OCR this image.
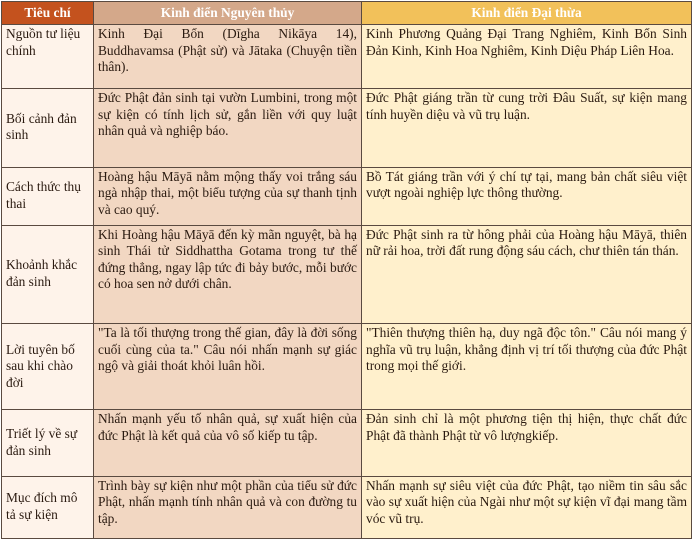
Tiêu chí	Kinh điển Nguyên thủy	Kinh điển Đại thừa
Nguồn tư liệu chính	Kinh Đại Bổn (Dīgha Nikāya 14), Buddhavamsa (Phật sử) và Jātaka (Chuyện tiền thân).	Kinh Phương Quảng Đại Trang Nghiêm, Kinh Bổn Sinh Đản Kinh, Kinh Hoa Nghiêm, Kinh Diệu Pháp Liên Hoa.
Bối cảnh đản sinh	Đức Phật đản sinh tại vườn Lumbini, trong một sự kiện có tính lịch sử, gắn liền với quy luật nhân quả và nghiệp báo.	Đức Phật giáng trần từ cung trời Đâu Suất, sự kiện mang tính huyền diệu và vũ trụ luận.
Cách thức thụ thai	Hoàng hậu Māyā nằm mộng thấy voi trắng sáu ngà nhập thai, một biểu tượng của sự thanh tịnh và cao quý.	Bồ Tát giáng trần với ý chí tự tại, mang bản chất siêu việt vượt ngoài nghiệp lực thông thường.
Khoảnh khắc đản sinh	Khi Hoàng hậu Māyā đến kỳ mãn nguyệt, bà hạ sinh Thái tử Siddhattha Gotama trong tư thế đứng thẳng, ngay lập tức đi bảy bước, mỗi bước có hoa sen nở dưới chân.	Đức Phật sinh ra từ hông phải của Hoàng hậu Māyā, thiên nữ rải hoa, trời đất rung động sáu cách, chư thiên tán thán.
Lời tuyên bố sau khi chào đời	"Ta là tối thượng trong thế gian, đây là đời sống cuối cùng của ta." Câu nói nhấn mạnh sự giác ngộ và giải thoát khỏi luân hồi.	"Thiên thượng thiên hạ, duy ngã độc tôn." Câu nói mang ý nghĩa vũ trụ luận, khẳng định vị trí tối thượng của đức Phật trong mọi thế giới.
Triết lý về sự đản sinh	Nhấn mạnh yếu tố nhân quả, sự xuất hiện của đức Phật là kết quả của vô số kiếp tu tập.	Đản sinh chỉ là một phương tiện thị hiện, thực chất đức Phật đã thành Phật từ vô lượngkiếp.
Mục đích mô tả sự kiện	Trình bày sự kiện như một phần của tiểu sử đức Phật, nhấn mạnh tính nhân quả và con đường tu tập.	Nhấn mạnh sự siêu việt của đức Phật, tạo niềm tin sâu sắc vào sự xuất hiện của Ngài như một sự kiện vĩ đại mang tầm vóc vũ trụ.
